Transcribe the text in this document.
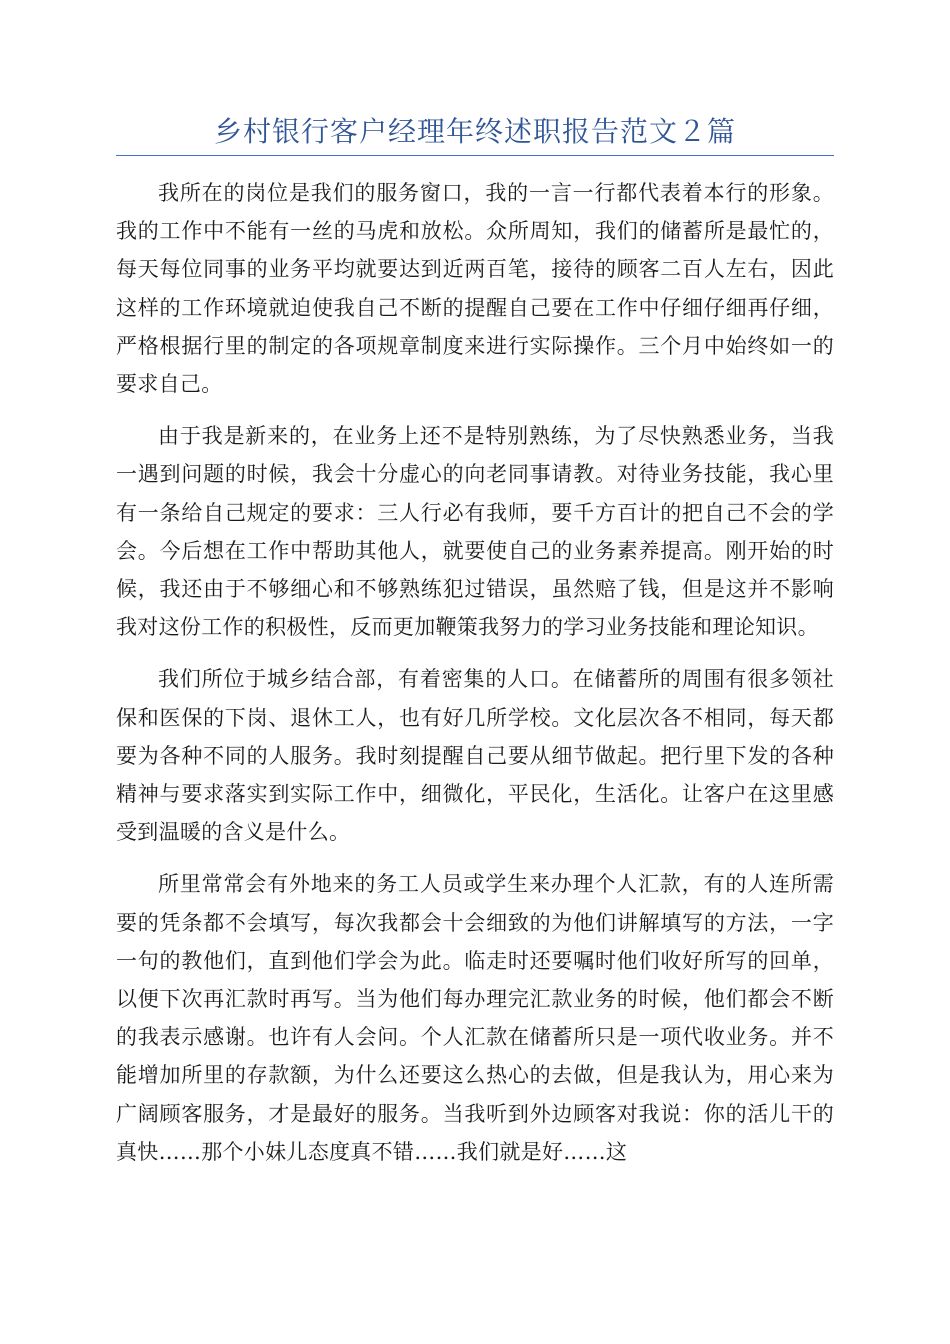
乡村银行客户经理年终述职报告范文２篇

我所在的岗位是我们的服务窗口，我的一言一行都代表着本行的形象。我的工作中不能有一丝的马虎和放松。众所周知，我们的储蓄所是最忙的，每天每位同事的业务平均就要达到近两百笔，接待的顾客二百人左右，因此这样的工作环境就迫使我自己不断的提醒自己要在工作中仔细仔细再仔细，严格根据行里的制定的各项规章制度来进行实际操作。三个月中始终如一的要求自己。

由于我是新来的，在业务上还不是特别熟练，为了尽快熟悉业务，当我一遇到问题的时候，我会十分虚心的向老同事请教。对待业务技能，我心里有一条给自己规定的要求：三人行必有我师，要千方百计的把自己不会的学会。今后想在工作中帮助其他人，就要使自己的业务素养提高。刚开始的时候，我还由于不够细心和不够熟练犯过错误，虽然赔了钱，但是这并不影响我对这份工作的积极性，反而更加鞭策我努力的学习业务技能和理论知识。

我们所位于城乡结合部，有着密集的人口。在储蓄所的周围有很多领社保和医保的下岗、退休工人，也有好几所学校。文化层次各不相同，每天都要为各种不同的人服务。我时刻提醒自己要从细节做起。把行里下发的各种精神与要求落实到实际工作中，细微化，平民化，生活化。让客户在这里感受到温暖的含义是什么。

所里常常会有外地来的务工人员或学生来办理个人汇款，有的人连所需要的凭条都不会填写，每次我都会十会细致的为他们讲解填写的方法，一字一句的教他们，直到他们学会为此。临走时还要嘱时他们收好所写的回单，以便下次再汇款时再写。当为他们每办理完汇款业务的时候，他们都会不断的我表示感谢。也许有人会问。个人汇款在储蓄所只是一项代收业务。并不能增加所里的存款额，为什么还要这么热心的去做，但是我认为，用心来为广阔顾客服务，才是最好的服务。当我听到外边顾客对我说：你的活儿干的真快……那个小妹儿态度真不错……我们就是好……这
